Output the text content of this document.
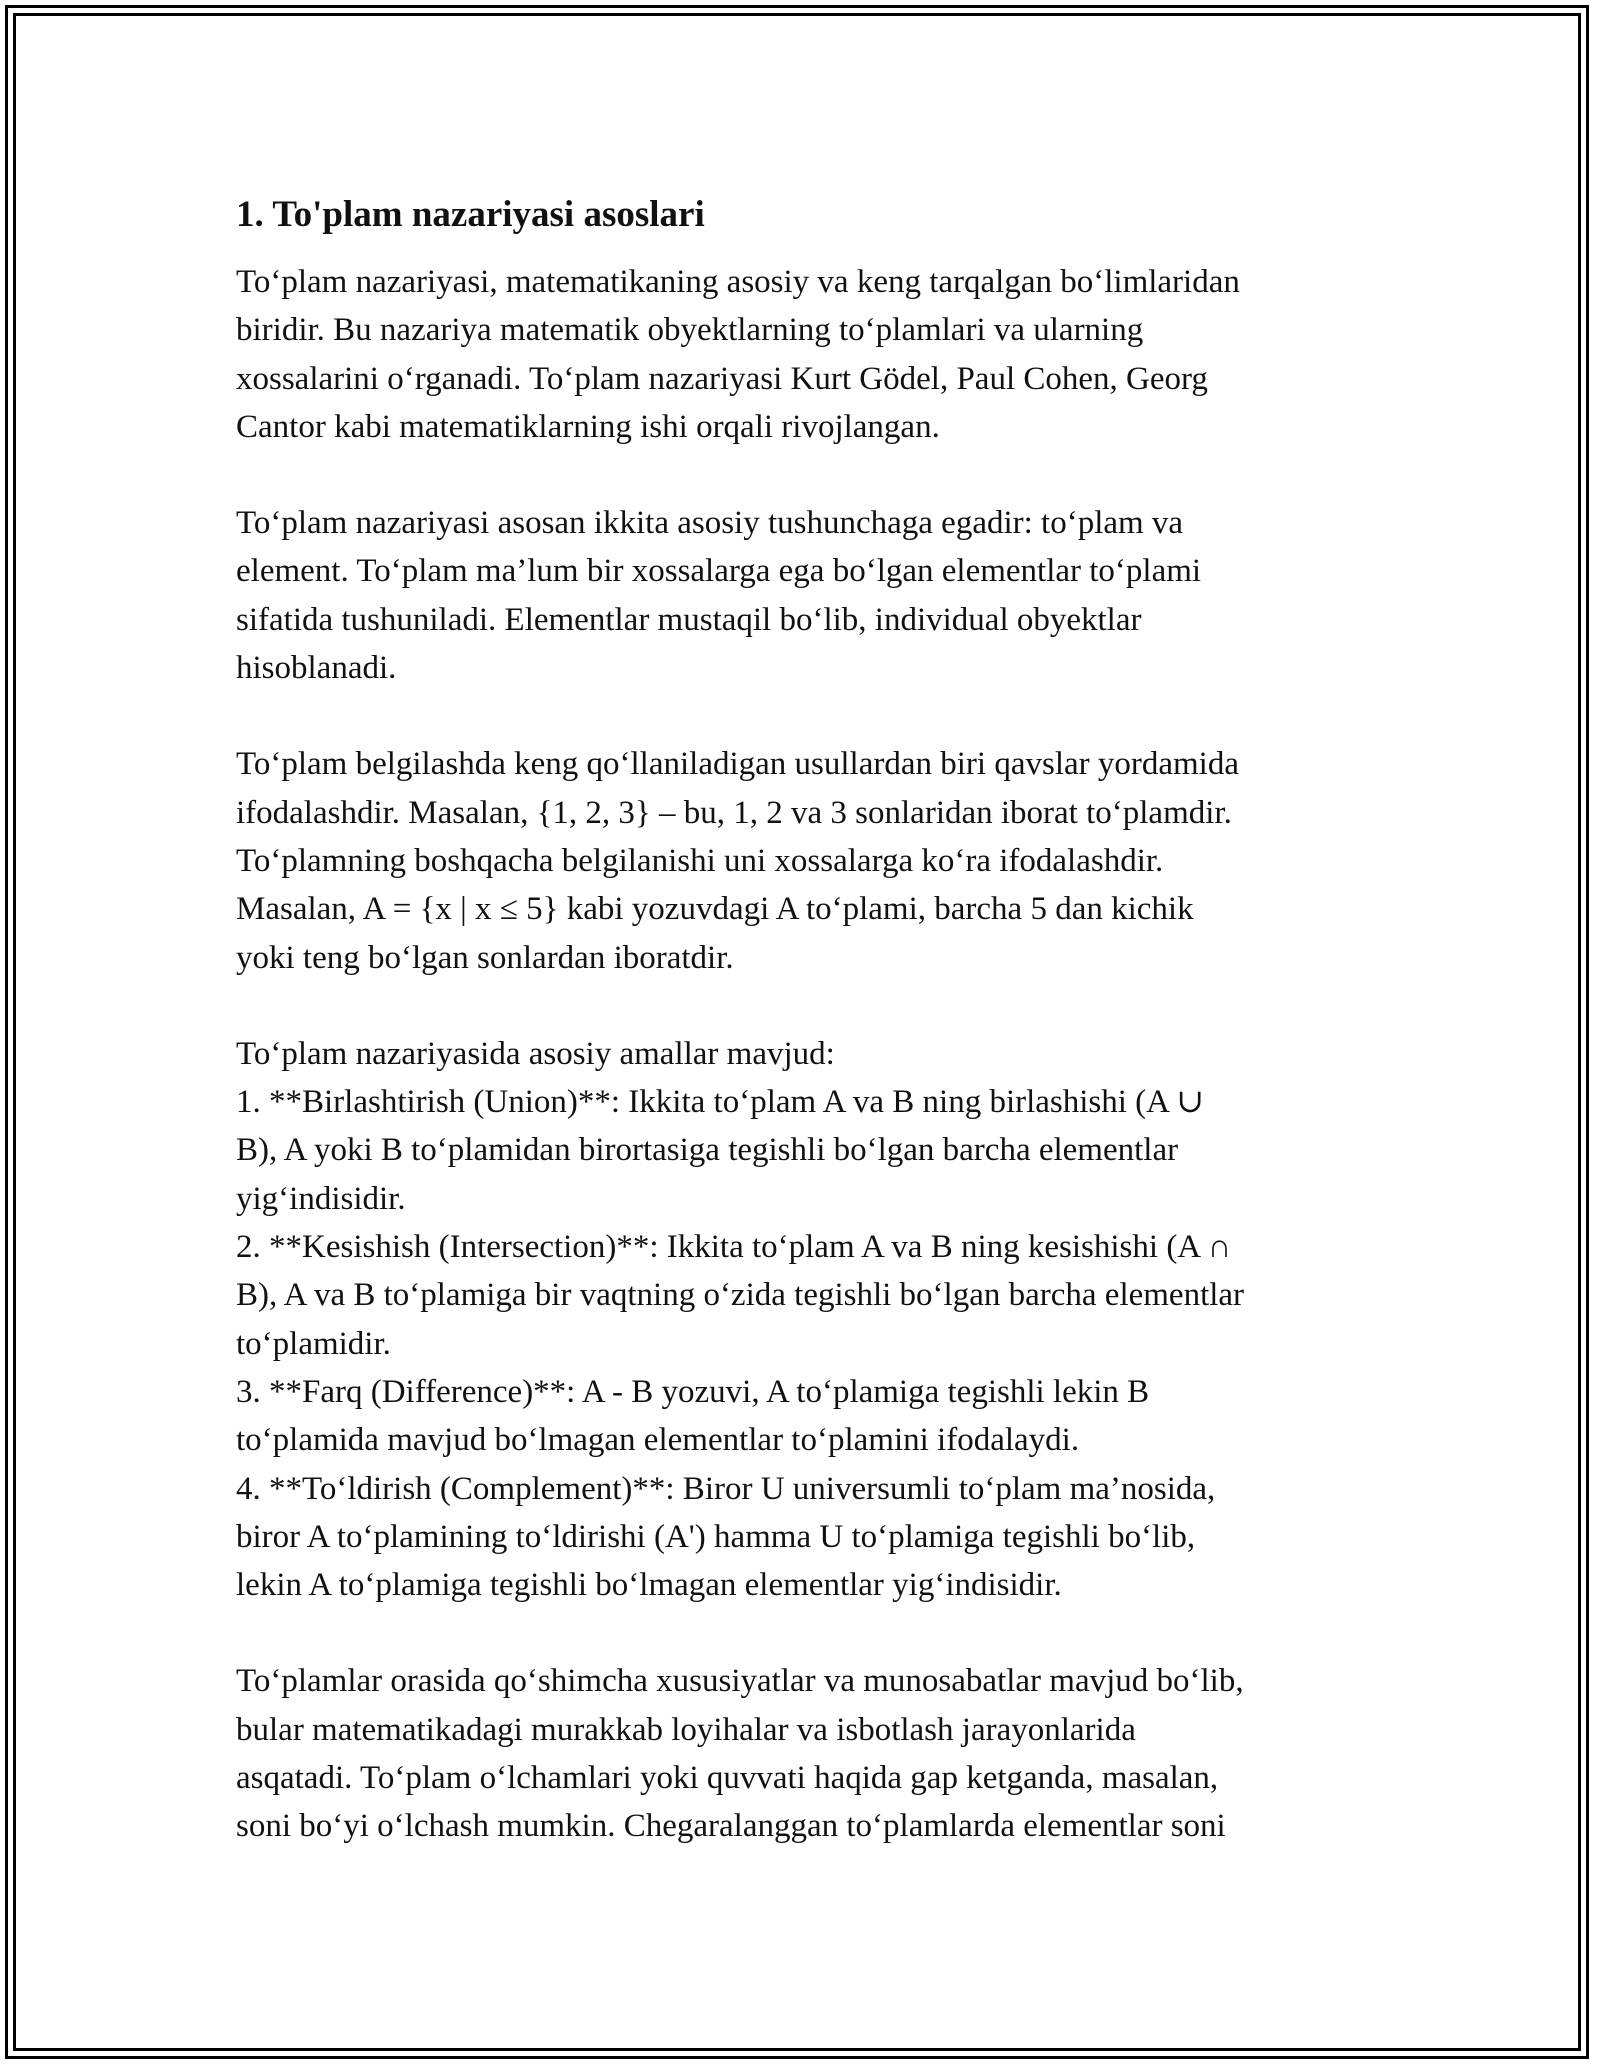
1. To'plam nazariyasi asoslari
To‘plam nazariyasi, matematikaning asosiy va keng tarqalgan bo‘limlaridan
biridir. Bu nazariya matematik obyektlarning to‘plamlari va ularning
xossalarini o‘rganadi. To‘plam nazariyasi Kurt Gödel, Paul Cohen, Georg
Cantor kabi matematiklarning ishi orqali rivojlangan.
To‘plam nazariyasi asosan ikkita asosiy tushunchaga egadir: to‘plam va
element. To‘plam ma’lum bir xossalarga ega bo‘lgan elementlar to‘plami
sifatida tushuniladi. Elementlar mustaqil bo‘lib, individual obyektlar
hisoblanadi.
To‘plam belgilashda keng qo‘llaniladigan usullardan biri qavslar yordamida
ifodalashdir. Masalan, {1, 2, 3} – bu, 1, 2 va 3 sonlaridan iborat to‘plamdir.
To‘plamning boshqacha belgilanishi uni xossalarga ko‘ra ifodalashdir.
Masalan, A = {x | x ≤ 5} kabi yozuvdagi A to‘plami, barcha 5 dan kichik
yoki teng bo‘lgan sonlardan iboratdir.
To‘plam nazariyasida asosiy amallar mavjud:
1. **Birlashtirish (Union)**: Ikkita to‘plam A va B ning birlashishi (A ∪
B), A yoki B to‘plamidan birortasiga tegishli bo‘lgan barcha elementlar
yig‘indisidir.
2. **Kesishish (Intersection)**: Ikkita to‘plam A va B ning kesishishi (A ∩
B), A va B to‘plamiga bir vaqtning o‘zida tegishli bo‘lgan barcha elementlar
to‘plamidir.
3. **Farq (Difference)**: A - B yozuvi, A to‘plamiga tegishli lekin B
to‘plamida mavjud bo‘lmagan elementlar to‘plamini ifodalaydi.
4. **To‘ldirish (Complement)**: Biror U universumli to‘plam ma’nosida,
biror A to‘plamining to‘ldirishi (A') hamma U to‘plamiga tegishli bo‘lib,
lekin A to‘plamiga tegishli bo‘lmagan elementlar yig‘indisidir.
To‘plamlar orasida qo‘shimcha xususiyatlar va munosabatlar mavjud bo‘lib,
bular matematikadagi murakkab loyihalar va isbotlash jarayonlarida
asqatadi. To‘plam o‘lchamlari yoki quvvati haqida gap ketganda, masalan,
soni bo‘yi o‘lchash mumkin. Chegaralanggan to‘plamlarda elementlar soni
